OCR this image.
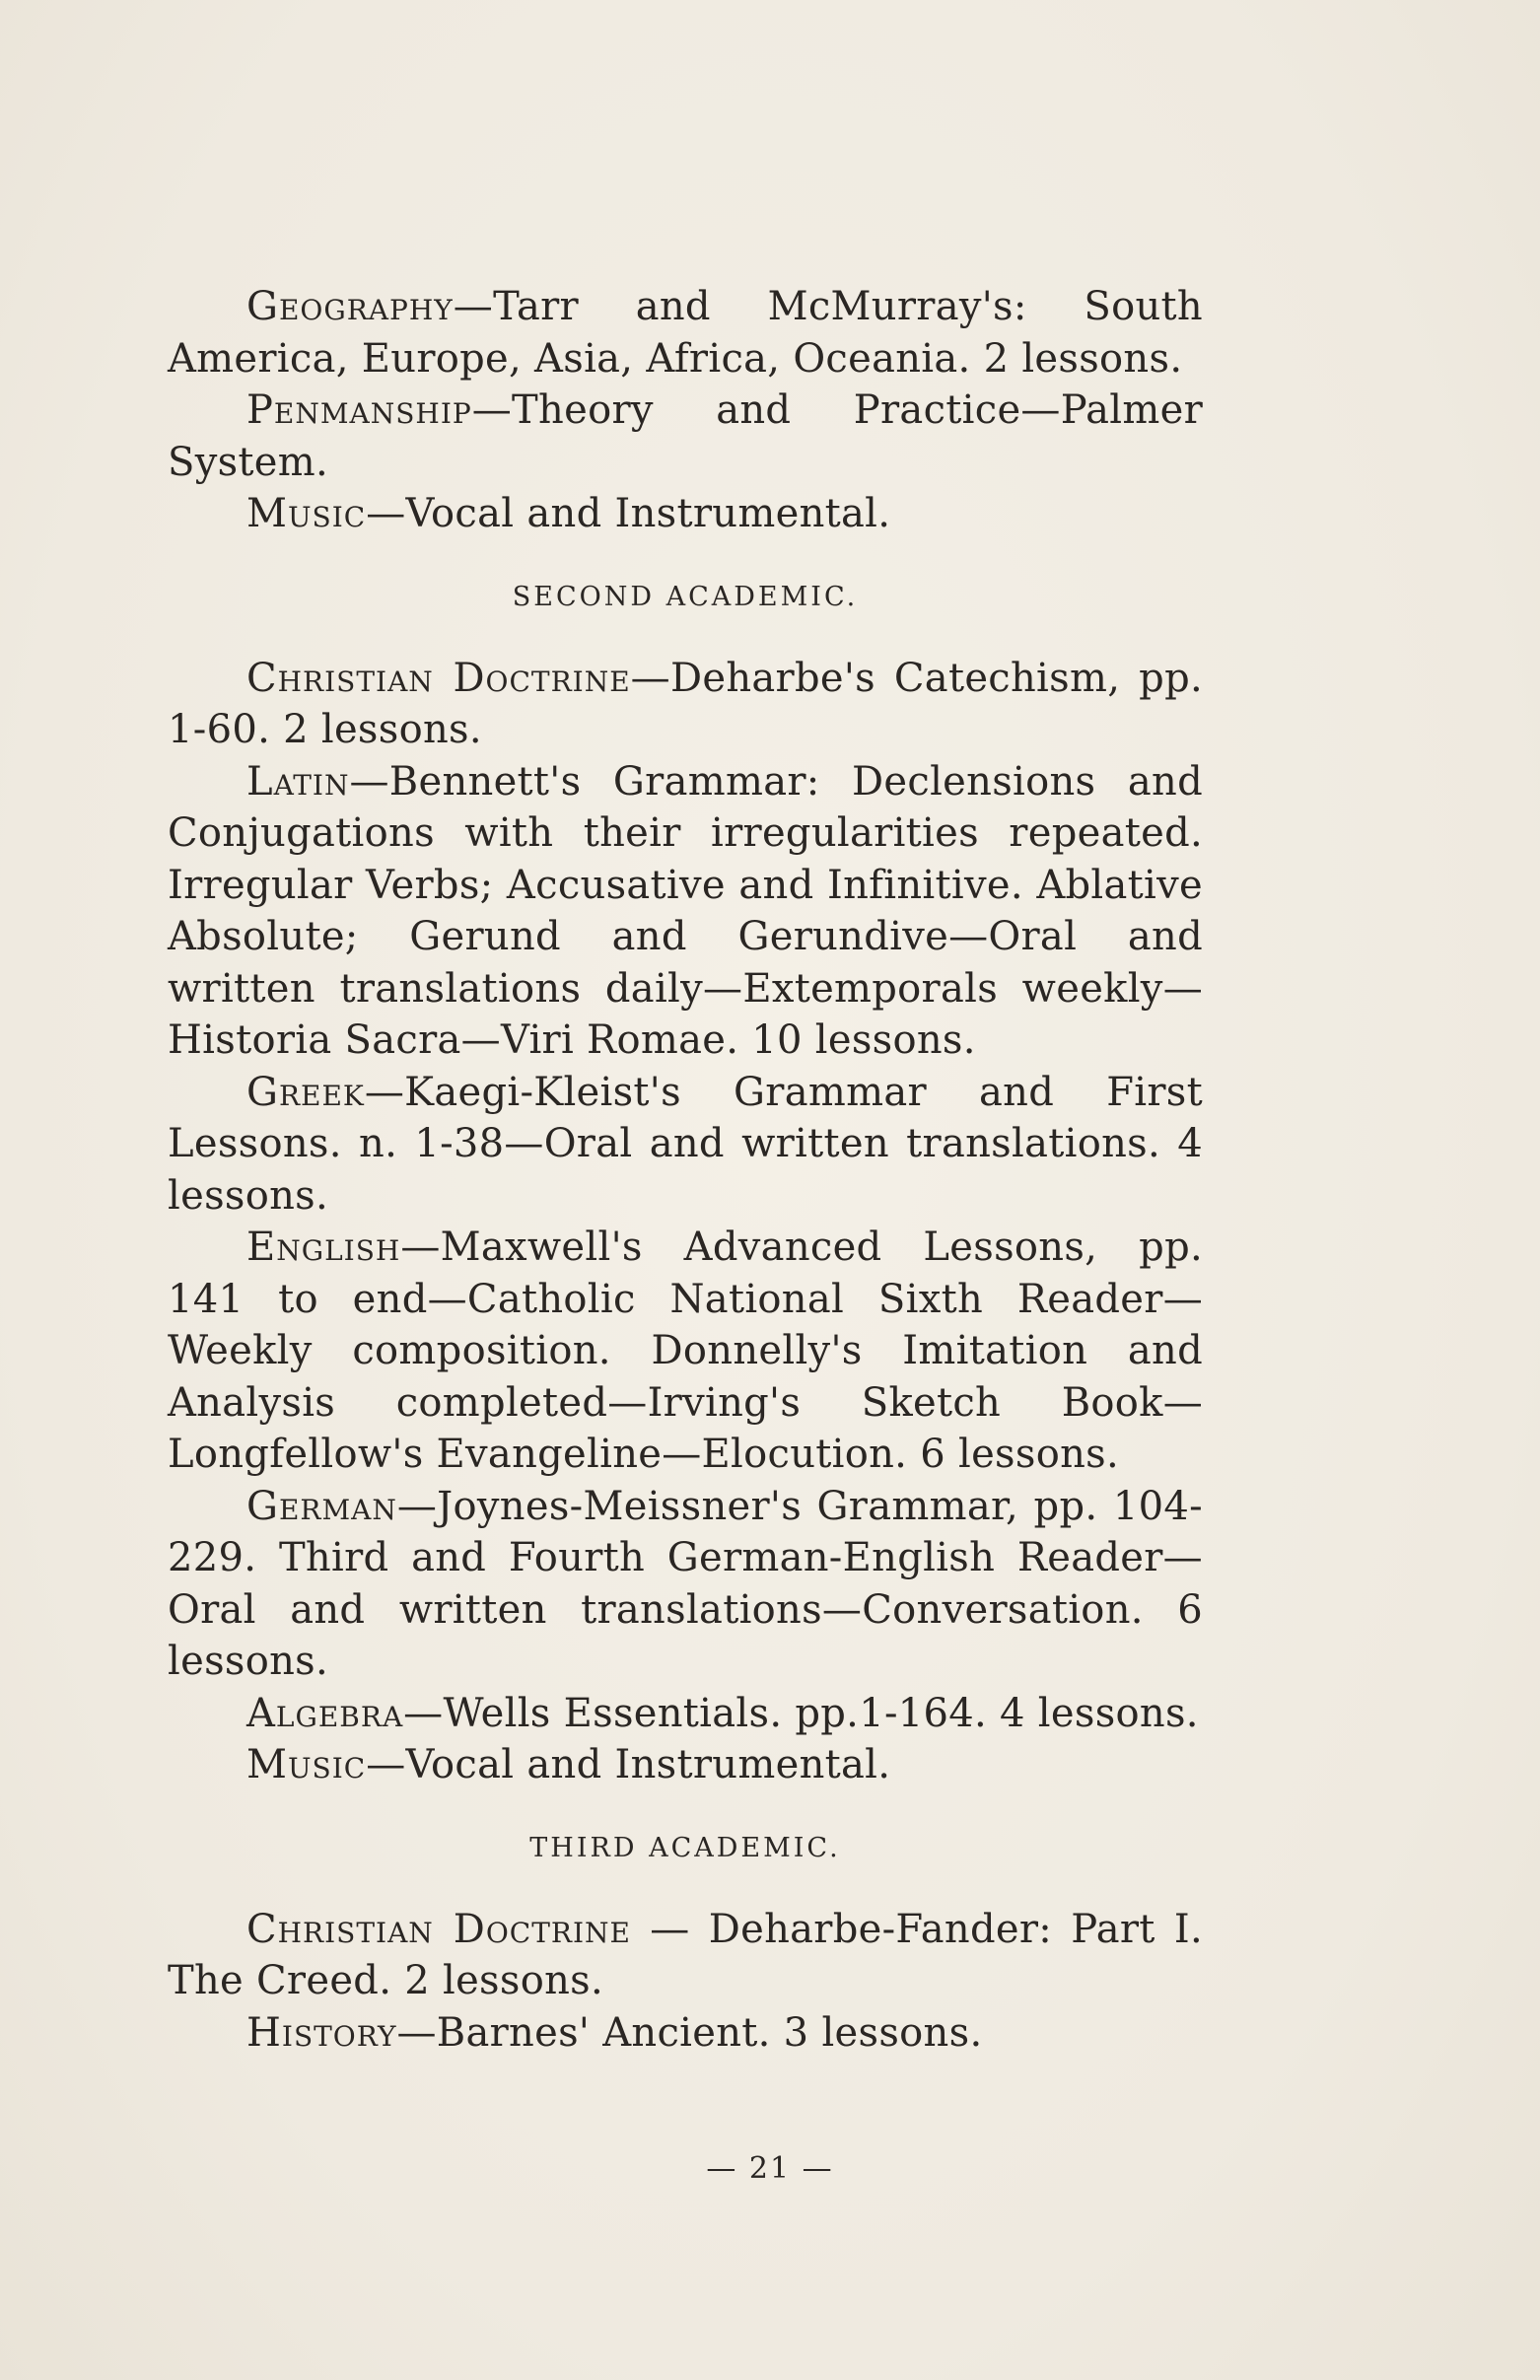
Geography—Tarr and McMurray's: South America, Europe, Asia, Africa, Oceania. 2 lessons.

Penmanship—Theory and Practice—Palmer System.

Music—Vocal and Instrumental.

SECOND ACADEMIC.

Christian Doctrine—Deharbe's Catechism, pp. 1-60. 2 lessons.

Latin—Bennett's Grammar: Declensions and Conjugations with their irregularities repeated. Irregular Verbs; Accusative and Infinitive. Ablative Absolute; Gerund and Gerundive—Oral and written translations daily—Extemporals weekly—Historia Sacra—Viri Romae. 10 lessons.

Greek—Kaegi-Kleist's Grammar and First Lessons. n. 1-38—Oral and written translations. 4 lessons.

English—Maxwell's Advanced Lessons, pp. 141 to end—Catholic National Sixth Reader—Weekly composition. Donnelly's Imitation and Analysis completed—Irving's Sketch Book—Longfellow's Evangeline—Elocution. 6 lessons.

German—Joynes-Meissner's Grammar, pp. 104-229. Third and Fourth German-English Reader—Oral and written translations—Conversation. 6 lessons.

Algebra—Wells Essentials. pp.1-164. 4 lessons.

Music—Vocal and Instrumental.

THIRD ACADEMIC.

Christian Doctrine — Deharbe-Fander: Part I. The Creed. 2 lessons.

History—Barnes' Ancient. 3 lessons.

— 21 —
